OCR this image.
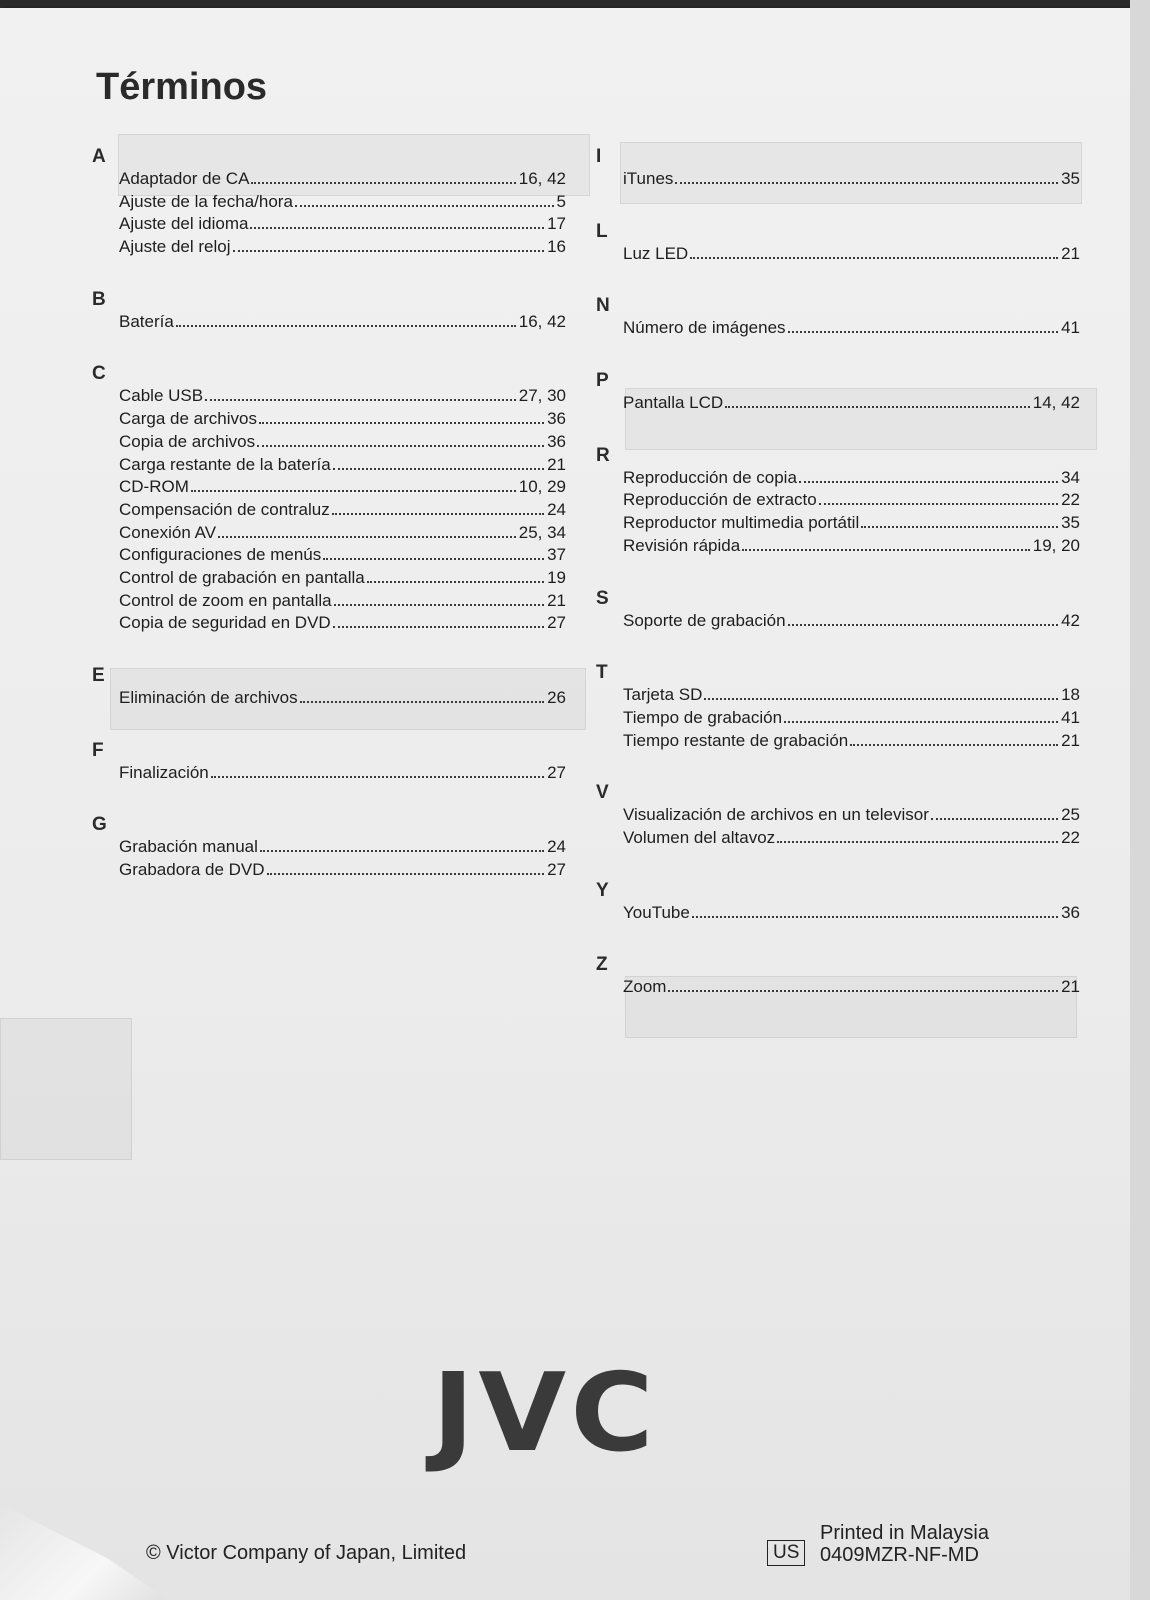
Términos
A
Adaptador de CA	16, 42
Ajuste de la fecha/hora	5
Ajuste del idioma	17
Ajuste del reloj	16
B
Batería	16, 42
C
Cable USB	27, 30
Carga de archivos	36
Copia de archivos	36
Carga restante de la batería	21
CD-ROM	10, 29
Compensación de contraluz	24
Conexión AV	25, 34
Configuraciones de menús	37
Control de grabación en pantalla	19
Control de zoom en pantalla	21
Copia de seguridad en DVD	27
E
Eliminación de archivos	26
F
Finalización	27
G
Grabación manual	24
Grabadora de DVD	27
I
iTunes	35
L
Luz LED	21
N
Número de imágenes	41
P
Pantalla LCD	14, 42
R
Reproducción de copia	34
Reproducción de extracto	22
Reproductor multimedia portátil	35
Revisión rápida	19, 20
S
Soporte de grabación	42
T
Tarjeta SD	18
Tiempo de grabación	41
Tiempo restante de grabación	21
V
Visualización de archivos en un televisor	25
Volumen del altavoz	22
Y
YouTube	36
Z
Zoom	21
JVC
© Victor Company of Japan, Limited
Printed in Malaysia
US	0409MZR-NF-MD
